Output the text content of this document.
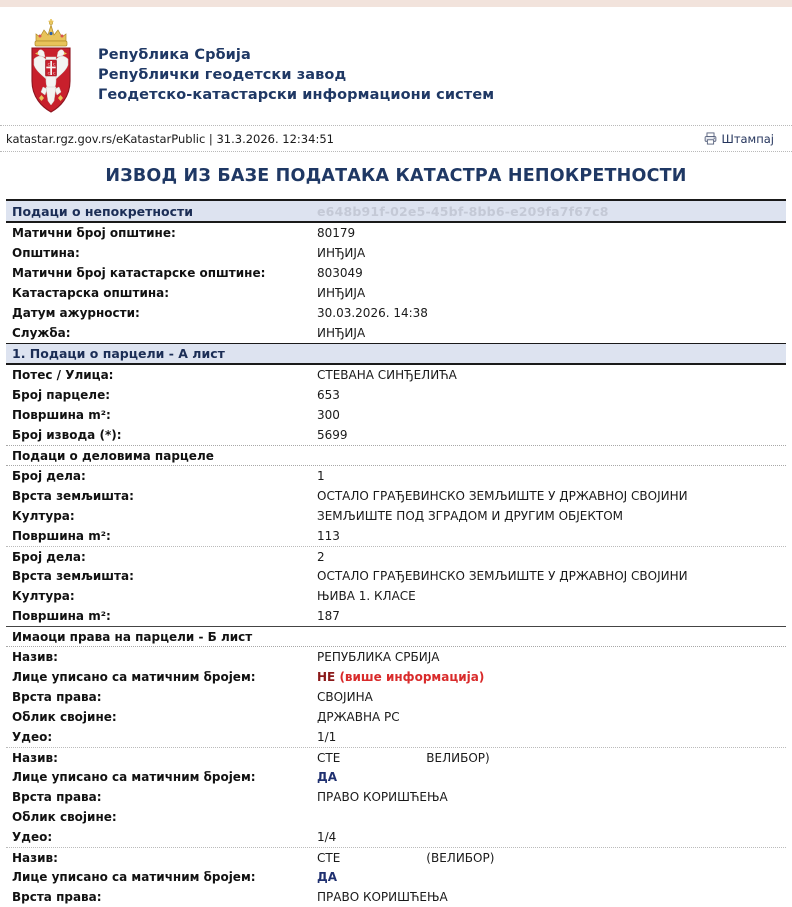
С С
С С
Република Србија
Републички геодетски завод
Геодетско-катастарски информациони систем
katastar.rgz.gov.rs/eKatastarPublic | 31.3.2026. 12:34:51	Штампај
ИЗВОД ИЗ БАЗЕ ПОДАТАКА КАТАСТРА НЕПОКРЕТНОСТИ
Подаци о непокретности	e648b91f-02e5-45bf-8bb6-e209fa7f67c8
Матични број општине:	80179
Општина:	ИНЂИЈА
Матични број катастарске општине:	803049
Катастарска општина:	ИНЂИЈА
Датум ажурности:	30.03.2026. 14:38
Служба:	ИНЂИЈА
1. Подаци о парцели - А лист
Потес / Улица:	СТЕВАНА СИНЂЕЛИЋА
Број парцеле:	653
Површина m²:	300
Број извода (*):	5699
Подаци о деловима парцеле
Број дела:	1
Врста земљишта:	ОСТАЛО ГРАЂЕВИНСКО ЗЕМЉИШТЕ У ДРЖАВНОЈ СВОЈИНИ
Култура:	ЗЕМЉИШТЕ ПОД ЗГРАДОМ И ДРУГИМ ОБЈЕКТОМ
Површина m²:	113
Број дела:	2
Врста земљишта:	ОСТАЛО ГРАЂЕВИНСКО ЗЕМЉИШТЕ У ДРЖАВНОЈ СВОЈИНИ
Култура:	ЊИВА 1. КЛАСЕ
Површина m²:	187
Имаоци права на парцели - Б лист
Назив:	РЕПУБЛИКА СРБИЈА
Лице уписано са матичним бројем:	НЕ (више информација)
Врста права:	СВОЈИНА
Облик својине:	ДРЖАВНА РС
Удео:	1/1
Назив:	СТЕ	ВЕЛИБОР)
Лице уписано са матичним бројем:	ДА
Врста права:	ПРАВО КОРИШЋЕЊА
Облик својине:
Удео:	1/4
Назив:	СТЕ	(ВЕЛИБОР)
Лице уписано са матичним бројем:	ДА
Врста права:	ПРАВО КОРИШЋЕЊА
